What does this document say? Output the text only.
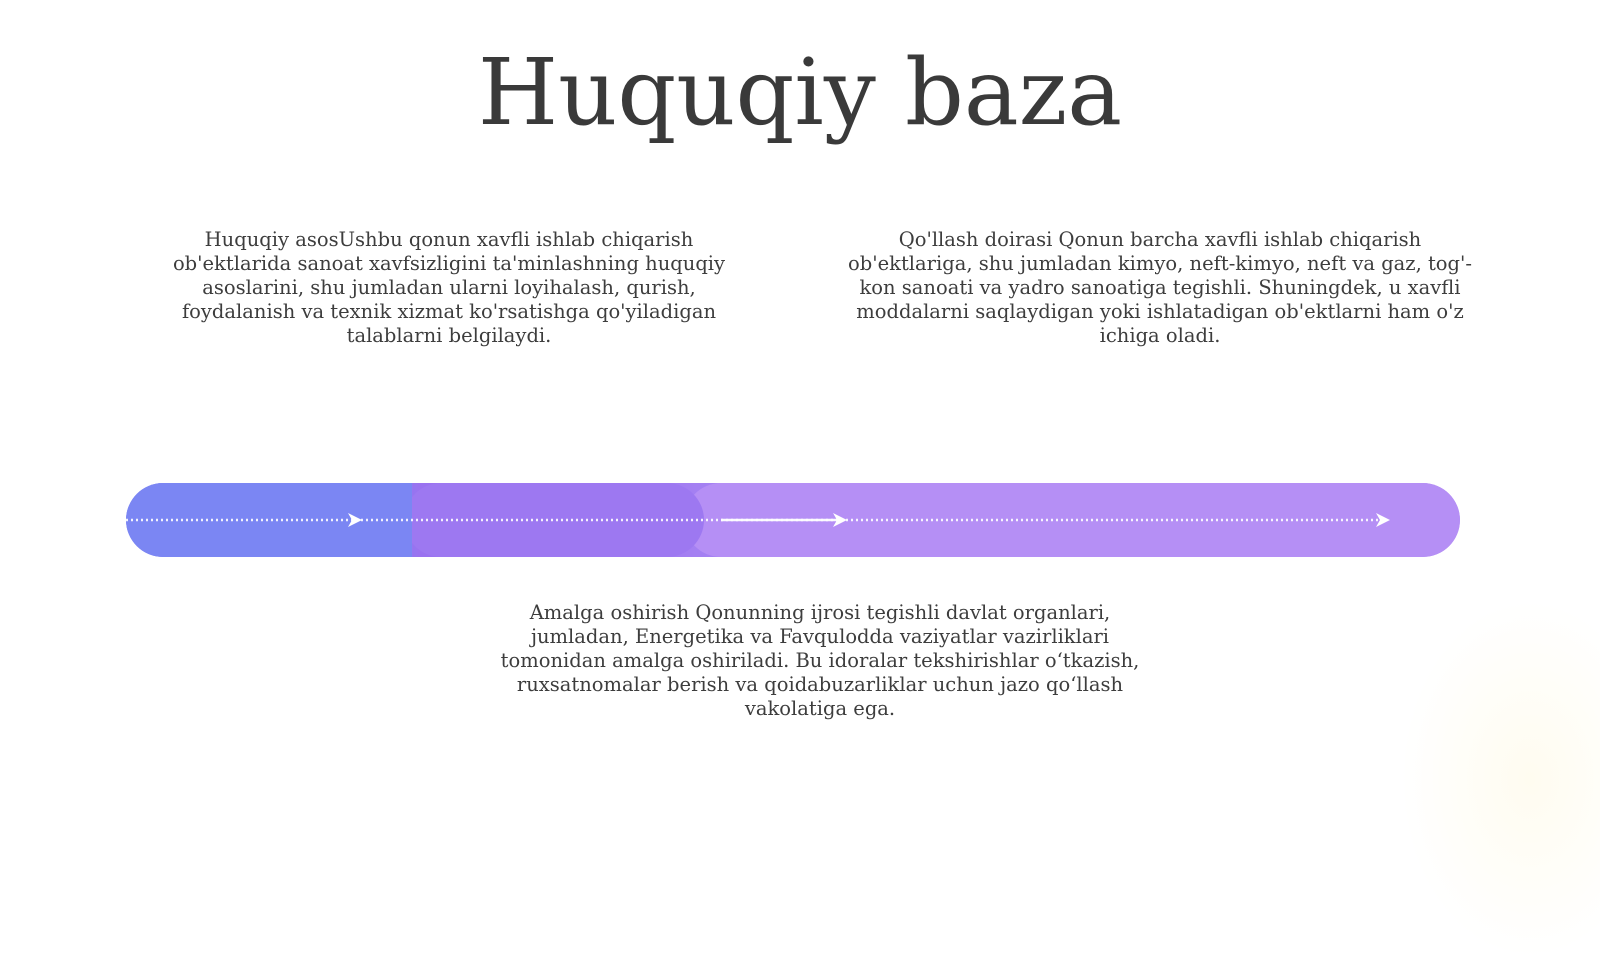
Huquqiy baza
Huquqiy asosUshbu qonun xavfli ishlab chiqarish ob'ektlarida sanoat xavfsizligini ta'minlashning huquqiy asoslarini, shu jumladan ularni loyihalash, qurish, foydalanish va texnik xizmat ko'rsatishga qo'yiladigan talablarni belgilaydi.
Qo'llash doirasi Qonun barcha xavfli ishlab chiqarish ob'ektlariga, shu jumladan kimyo, neft-kimyo, neft va gaz, tog'-kon sanoati va yadro sanoatiga tegishli. Shuningdek, u xavfli moddalarni saqlaydigan yoki ishlatadigan ob'ektlarni ham o'z ichiga oladi.
Amalga oshirish Qonunning ijrosi tegishli davlat organlari, jumladan, Energetika va Favqulodda vaziyatlar vazirliklari tomonidan amalga oshiriladi. Bu idoralar tekshirishlar o‘tkazish, ruxsatnomalar berish va qoidabuzarliklar uchun jazo qo‘llash vakolatiga ega.
